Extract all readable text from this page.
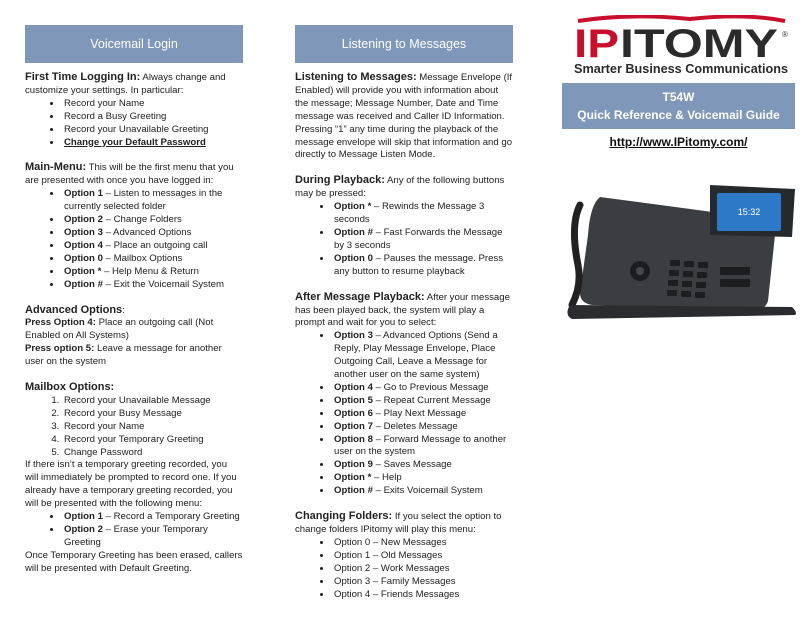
Voicemail Login

First Time Logging In: Always change and customize your settings. In particular:

• Record your Name
• Record a Busy Greeting
• Record your Unavailable Greeting
• Change your Default Password

Main-Menu: This will be the first menu that you are presented with once you have logged in:

• Option 1 – Listen to messages in the currently selected folder
• Option 2 – Change Folders
• Option 3 – Advanced Options
• Option 4 – Place an outgoing call
• Option 0 – Mailbox Options
• Option * – Help Menu & Return
• Option # – Exit the Voicemail System

Advanced Options:

Press Option 4: Place an outgoing call (Not Enabled on All Systems)

Press option 5: Leave a message for another user on the system

Mailbox Options:

1. Record your Unavailable Message
2. Record your Busy Message
3. Record your Name
4. Record your Temporary Greeting
5. Change Password

If there isn’t a temporary greeting recorded, you will immediately be prompted to record one. If you already have a temporary greeting recorded, you will be presented with the following menu:

• Option 1 – Record a Temporary Greeting
• Option 2 – Erase your Temporary Greeting

Once Temporary Greeting has been erased, callers will be presented with Default Greeting.

Listening to Messages

Listening to Messages: Message Envelope (If Enabled) will provide you with information about the message; Message Number, Date and Time message was received and Caller ID Information. Pressing “1” any time during the playback of the message envelope will skip that information and go directly to Message Listen Mode.

During Playback: Any of the following buttons may be pressed:

• Option * – Rewinds the Message 3 seconds
• Option # – Fast Forwards the Message by 3 seconds
• Option 0 – Pauses the message. Press any button to resume playback

After Message Playback: After your message has been played back, the system will play a prompt and wait for you to select:

• Option 3 – Advanced Options (Send a Reply, Play Message Envelope, Place Outgoing Call, Leave a Message for another user on the same system)
• Option 4 – Go to Previous Message
• Option 5 – Repeat Current Message
• Option 6 – Play Next Message
• Option 7 – Deletes Message
• Option 8 – Forward Message to another user on the system
• Option 9 – Saves Message
• Option * – Help
• Option # – Exits Voicemail System

Changing Folders: If you select the option to change folders IPitomy will play this menu:

• Option 0 – New Messages
• Option 1 – Old Messages
• Option 2 – Work Messages
• Option 3 – Family Messages
• Option 4 – Friends Messages
IP ITOMY ®
Smarter Business Communications
T54W
Quick Reference & Voicemail Guide
http://www.IPitomy.com/
15:32
